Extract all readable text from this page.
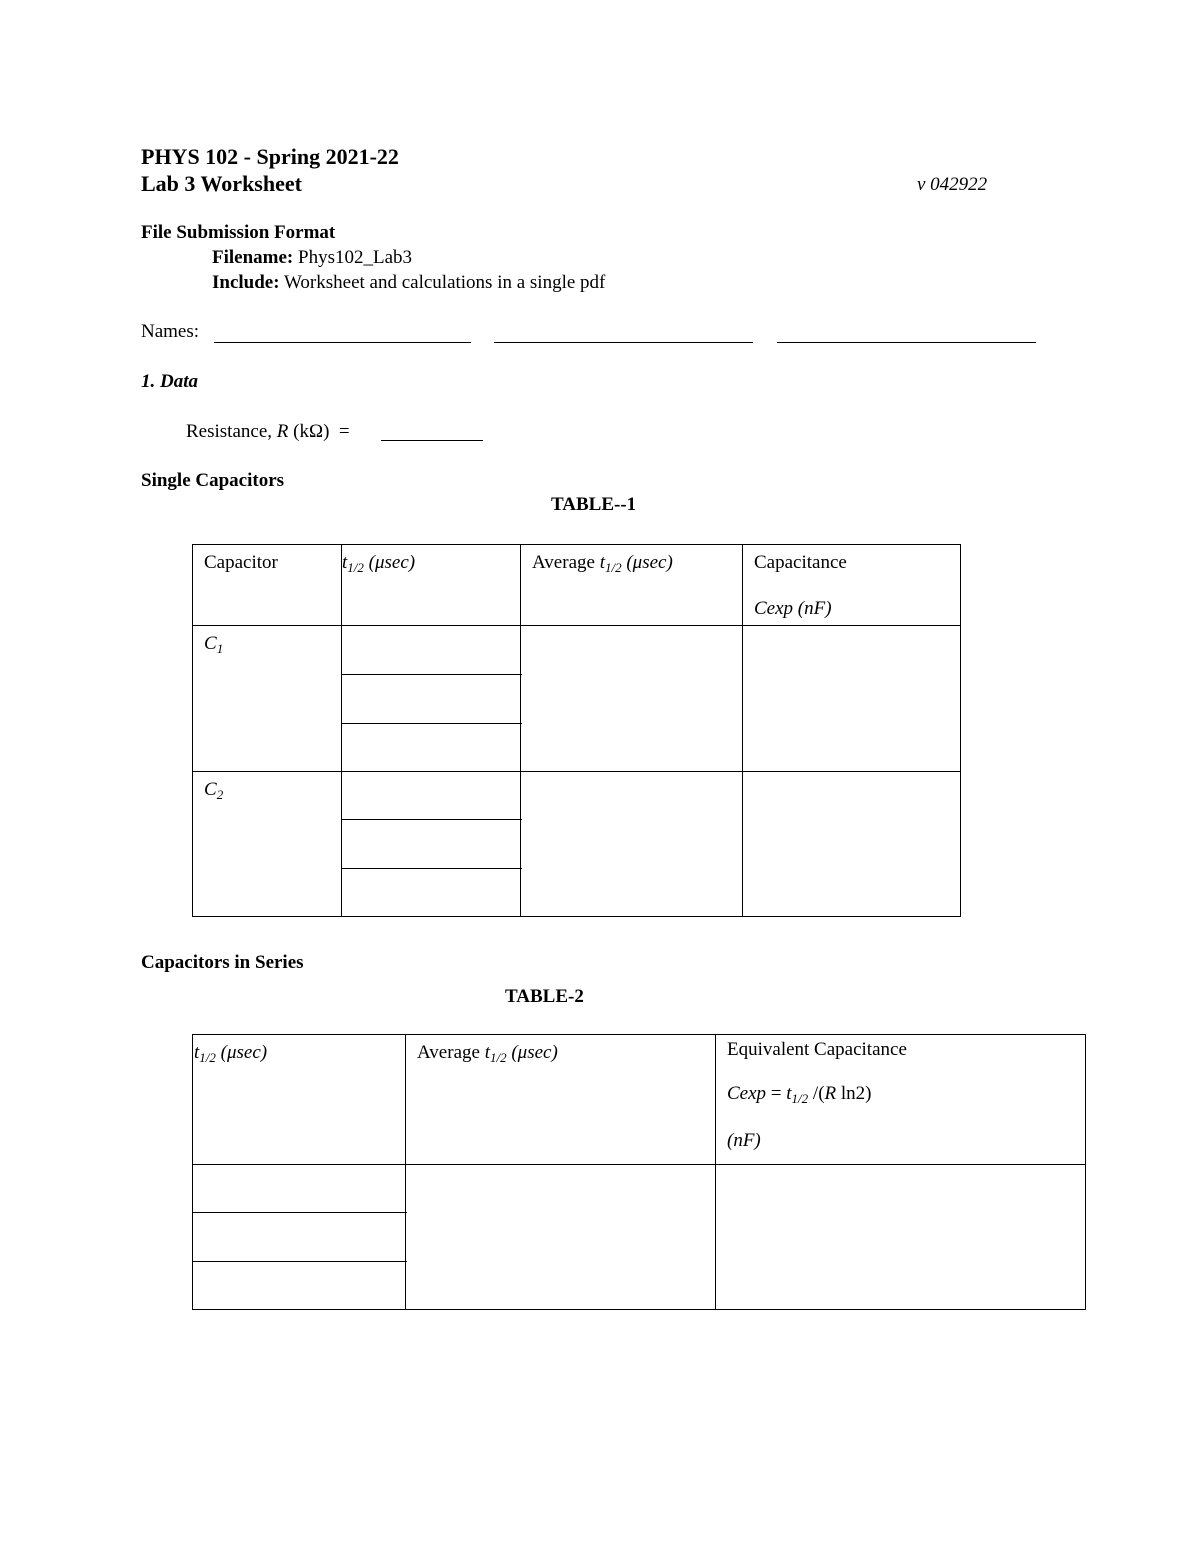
PHYS 102 - Spring 2021-22
Lab 3 Worksheet	v 042922
File Submission Format
Filename: Phys102_Lab3
Include: Worksheet and calculations in a single pdf
Names:
1. Data
Resistance, R (kΩ)  =
Single Capacitors
TABLE--1
Capacitor	$t_{1/2}$ (μsec)	Average $t_{1/2}$ (μsec)	Capacitance
Cexp (nF)

$C_1$

$C_2$

Capacitors in Series
TABLE-2
$t_{1/2}$ (μsec)	Average $t_{1/2}$ (μsec)	Equivalent Capacitance
$Cexp = t_{1/2}$ /(R ln2)
(nF)
